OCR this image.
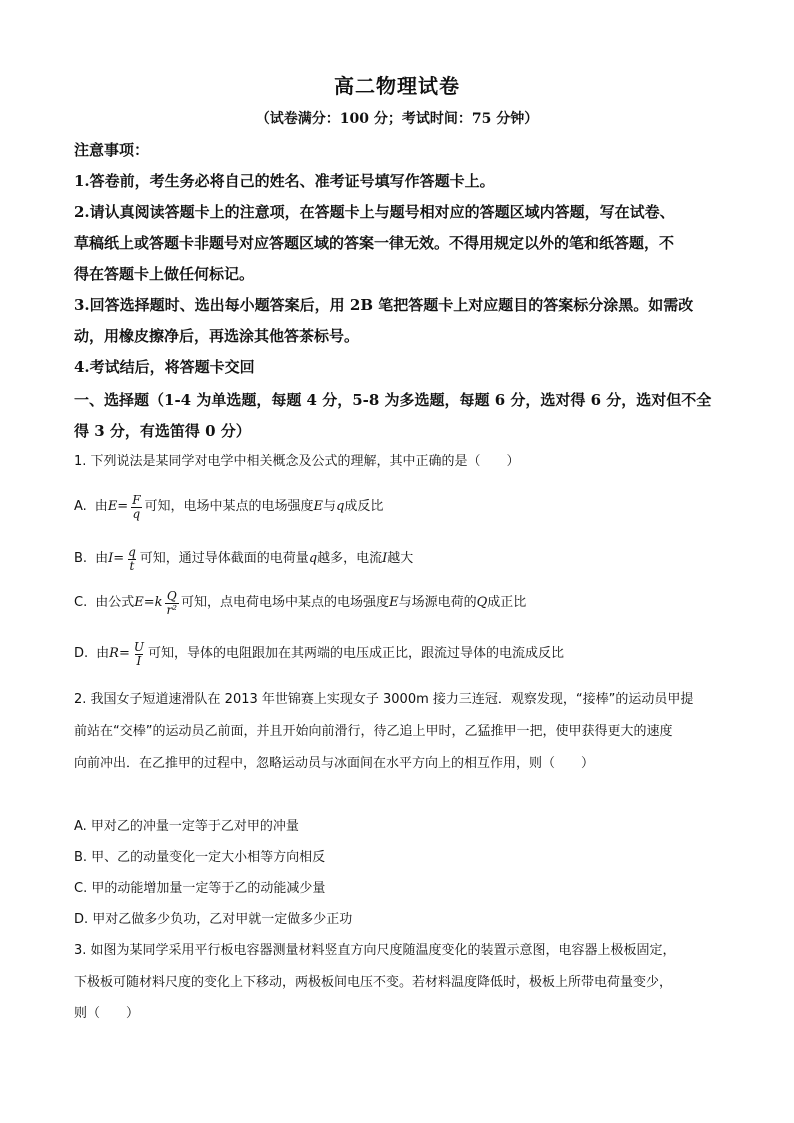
高二物理试卷
（试卷满分：100 分；考试时间：75 分钟）
注意事项：
1.答卷前，考生务必将自己的姓名、准考证号填写作答题卡上。
2.请认真阅读答题卡上的注意项，在答题卡上与题号相对应的答题区域内答题，写在试卷、
草稿纸上或答题卡非题号对应答题区域的答案一律无效。不得用规定以外的笔和纸答题，不
得在答题卡上做任何标记。
3.回答选择题时、选出每小题答案后，用 2B 笔把答题卡上对应题目的答案标分涂黑。如需改
动，用橡皮擦净后，再选涂其他答茶标号。
4.考试结后，将答题卡交回
一、选择题（1-4 为单选题，每题 4 分，5-8 为多选题，每题 6 分，选对得 6 分，选对但不全
得 3 分，有选笛得 0 分）
1. 下列说法是某同学对电学中相关概念及公式的理解，其中正确的是（　　）
A. 由 $E= \frac{F}{q}$ 可知，电场中某点的电场强度 E 与 q 成反比
B. 由 $I= \frac{q}{t}$ 可知，通过导体截面的电荷量 q 越多，电流 I 越大
C. 由公式 $E=k \frac{Q}{\text{r²}}$ 可知，点电荷电场中某点的电场强度 E 与场源电荷的 Q 成正比
D. 由 $R= \frac{U}{I}$ 可知，导体的电阻跟加在其两端的电压成正比，跟流过导体的电流成反比
2. 我国女子短道速滑队在 2013 年世锦赛上实现女子 3000m 接力三连冠．观察发现，“接棒”的运动员甲提
前站在“交棒”的运动员乙前面，并且开始向前滑行，待乙追上甲时，乙猛推甲一把，使甲获得更大的速度
向前冲出．在乙推甲的过程中，忽略运动员与冰面间在水平方向上的相互作用，则（　　）
A. 甲对乙的冲量一定等于乙对甲的冲量
B. 甲、乙的动量变化一定大小相等方向相反
C. 甲的动能增加量一定等于乙的动能减少量
D. 甲对乙做多少负功，乙对甲就一定做多少正功
3. 如图为某同学采用平行板电容器测量材料竖直方向尺度随温度变化的装置示意图，电容器上极板固定，
下极板可随材料尺度的变化上下移动，两极板间电压不变。若材料温度降低时，极板上所带电荷量变少，
则（　　）
